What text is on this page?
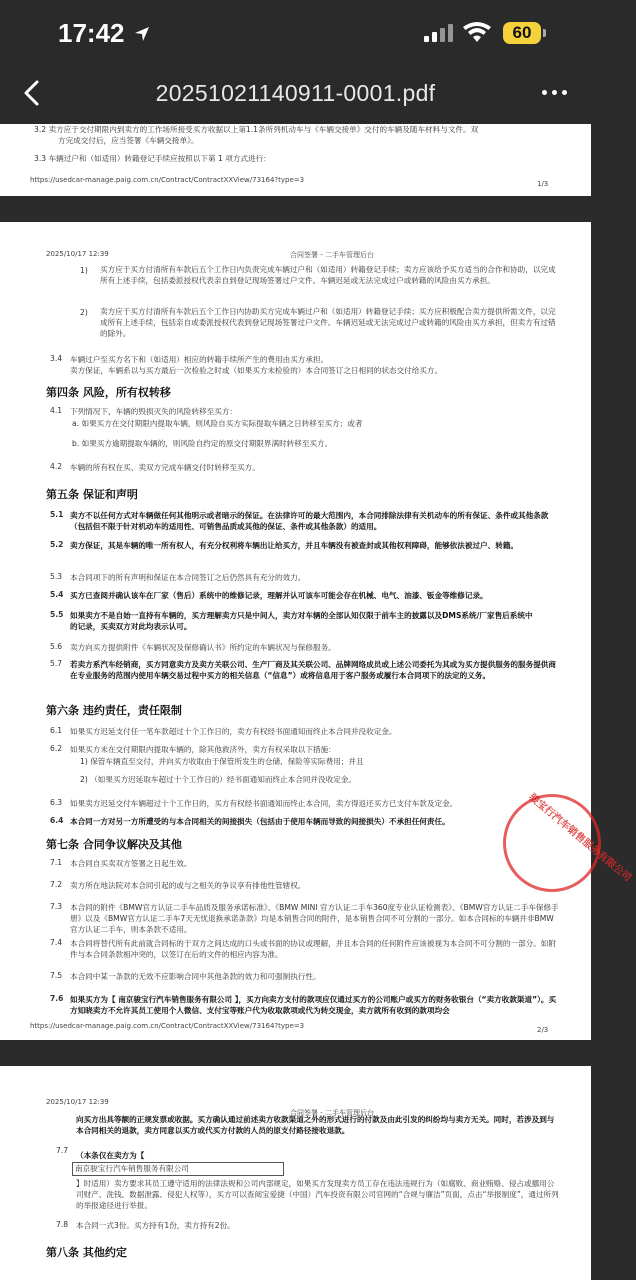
17:42	60
20251021140911-0001.pdf
3.2 卖方应于交付期限内到卖方的工作场所接受买方收据以上第1.1条所列机动车与《车辆交接单》交付的车辆及随车材料与文件。双
方完成交付后，应当签署《车辆交接单》。
3.3 车辆过户和（如适用）转籍登记手续应按照以下第 1 项方式进行：
https://usedcar-manage.paig.com.cn/Contract/ContractXXView/73164?type=3	1/3
2025/10/17 12:39	合同签署 - 二手车管理后台
1) 买方应于买方付清所有车款后五个工作日内负责完成车辆过户和（如适用）转籍登记手续；卖方应该给予买方适当的合作和协助，以完成所有上述手续，包括委派授权代表亲自到登记现场签署过户文件。车辆迟延或无法完成过户或转籍的风险由买方承担。
2) 卖方应于买方付清所有车款后五个工作日内协助买方完成车辆过户和（如适用）转籍登记手续；买方应积极配合卖方提供所需文件，以完成所有上述手续，包括亲自或委派授权代表到登记现场签署过户文件。车辆迟延或无法完成过户或转籍的风险由买方承担，但卖方有过错的除外。
3.4 车辆过户至买方名下和（如适用）相应的转籍手续所产生的费用由买方承担。
卖方保证，车辆系以与买方最后一次检验之时或（如果买方未检验的）本合同签订之日相同的状态交付给买方。
第四条 风险，所有权转移
4.1 下列情况下，车辆的毁损灭失的风险转移至买方：
a. 如果买方在交付期限内提取车辆，则风险自买方实际提取车辆之日转移至买方；或者
b. 如果买方逾期提取车辆的，则风险自约定的原交付期限界满时转移至买方。
4.2 车辆的所有权在买、卖双方完成车辆交付时转移至买方。
第五条 保证和声明
5.1 卖方不以任何方式对车辆做任何其他明示或者暗示的保证。在法律许可的最大范围内，本合同排除法律有关机动车的所有保证、条件或其他条款（包括但不限于针对机动车的适用性、可销售品质或其他的保证、条件或其他条款）的适用。
5.2 卖方保证，其是车辆的唯一所有权人，有充分权利将车辆出让给买方，并且车辆没有被查封或其他权利障碍，能够依法被过户、转籍。
5.3 本合同项下的所有声明和保证在本合同签订之后仍然具有充分的效力。
5.4 买方已查阅并确认该车在厂家（售后）系统中的维修记录，理解并认可该车可能会存在机械、电气、油漆、钣金等维修记录。
5.5 如果卖方不是自始一直持有车辆的，买方理解卖方只是中间人，卖方对车辆的全部认知仅限于前车主的披露以及DMS系统/厂家售后系统中的记录，买卖双方对此均表示认可。
5.6 卖方向买方提供附件《车辆状况及保修确认书》所约定的车辆状况与保修服务。
5.7 若卖方系汽车经销商，买方同意卖方及卖方关联公司、生产厂商及其关联公司、品牌网络成员或上述公司委托为其或为买方提供服务的服务提供商在专业服务的范围内使用车辆交易过程中买方的相关信息（“信息”）或将信息用于客户服务或履行本合同项下的法定的义务。
骏宝行汽车销售服务有限公司
第六条 违约责任，责任限制
6.1 如果买方迟延支付任一笔车款超过十个工作日的，卖方有权经书面通知而终止本合同并没收定金。
6.2 如果买方未在交付期限内提取车辆的，除其他救济外，卖方有权采取以下措施：
1) 保管车辆直至交付，并向买方收取由于保管所发生的仓储、保险等实际费用；并且
2) （如果买方迟延取车超过十个工作日的）经书面通知而终止本合同并没收定金。
6.3 如果卖方迟延交付车辆超过十个工作日的，买方有权经书面通知而终止本合同，卖方得返还买方已支付车款及定金。
6.4 本合同一方对另一方所遭受的与本合同相关的间接损失（包括由于使用车辆而导致的间接损失）不承担任何责任。
第七条 合同争议解决及其他
7.1 本合同自买卖双方签署之日起生效。
7.2 卖方所在地法院对本合同引起的或与之相关的争议享有排他性管辖权。
7.3 本合同的附件《BMW官方认证二手车品质及服务承诺标准》、《BMW MINI 官方认证二手车360度专业认证检测表》、《BMW官方认证二手车保修手册》以及《BMW官方认证二手车7天无忧退换承诺条款》均是本销售合同的附件，是本销售合同不可分割的一部分。如本合同标的车辆并非BMW官方认证二手车，则本条款不适用。
7.4 本合同将替代所有此前就合同标的于双方之间达成的口头或书面的协议或理解，并且本合同的任何附件应该被视为本合同不可分割的一部分。如附件与本合同条款相冲突的，以签订在后的文件的相应内容为准。
7.5 本合同中某一条款的无效不应影响合同中其他条款的效力和可强制执行性。
7.6 如果买方为【 南京骏宝行汽车销售服务有限公司 】，买方向卖方支付的款项应仅通过买方的公司账户或买方的财务收银台（“卖方收款渠道”）。买方知晓卖方不允许其员工使用个人微信、支付宝等账户代为收取款项或代为转交现金，卖方就所有收到的款项均会
https://usedcar-manage.paig.com.cn/Contract/ContractXXView/73164?type=3	2/3
2025/10/17 12:39
合同签署 - 二手车管理后台
向买方出具等额的正规发票或收据。买方确认通过前述卖方收款渠道之外的形式进行的付款及由此引发的纠纷均与卖方无关。同时，若涉及到与本合同相关的退款，卖方同意以买方或代买方付款的人员的原支付路径接收退款。
7.7
（本条仅在卖方为【
南京骏宝行汽车销售服务有限公司
】时适用）卖方要求其员工遵守适用的法律法规和公司内部规定，如果买方发现卖方员工存在违法违规行为（如腐败、商业贿赂、侵占或挪用公司财产、洗钱、数据泄露、侵犯人权等），买方可以查阅宝爱捷（中国）汽车投资有限公司官网的“合规与廉洁”页面，点击“举报制度”，通过所列的举报途径进行举报。
7.8 本合同一式3份。买方持有1份，卖方持有2份。
第八条 其他约定
